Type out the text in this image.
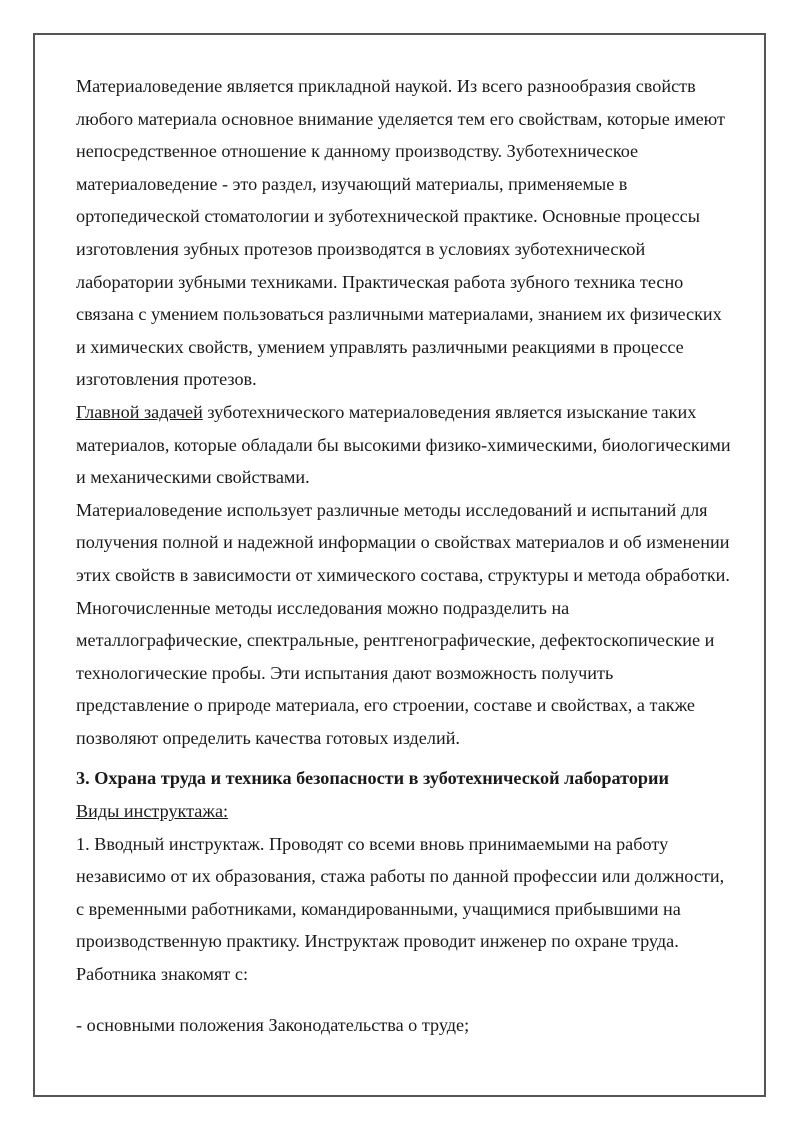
Материаловедение является прикладной наукой. Из всего разнообразия свойств любого материала основное внимание уделяется тем его свойствам, которые имеют непосредственное отношение к данному производству. Зуботехническое материаловедение - это раздел, изучающий материалы, применяемые в ортопедической стоматологии и зуботехнической практике. Основные процессы изготовления зубных протезов производятся в условиях зуботехнической лаборатории зубными техниками. Практическая работа зубного техника тесно связана с умением пользоваться различными материалами, знанием их физических и химических свойств, умением управлять различными реакциями в процессе изготовления протезов.

Главной задачей зуботехнического материаловедения является изыскание таких материалов, которые обладали бы высокими физико-химическими, биологическими и механическими свойствами.

Материаловедение использует различные методы исследований и испытаний для получения полной и надежной информации о свойствах материалов и об изменении этих свойств в зависимости от химического состава, структуры и метода обработки. Многочисленные методы исследования можно подразделить на металлографические, спектральные, рентгенографические, дефектоскопические и технологические пробы. Эти испытания дают возможность получить представление о природе материала, его строении, составе и свойствах, а также позволяют определить качества готовых изделий.

3. Охрана труда и техника безопасности в зуботехнической лаборатории

Виды инструктажа:

1. Вводный инструктаж. Проводят со всеми вновь принимаемыми на работу независимо от их образования, стажа работы по данной профессии или должности, с временными работниками, командированными, учащимися прибывшими на производственную практику. Инструктаж проводит инженер по охране труда. Работника знакомят с:

- основными положения Законодательства о труде;
